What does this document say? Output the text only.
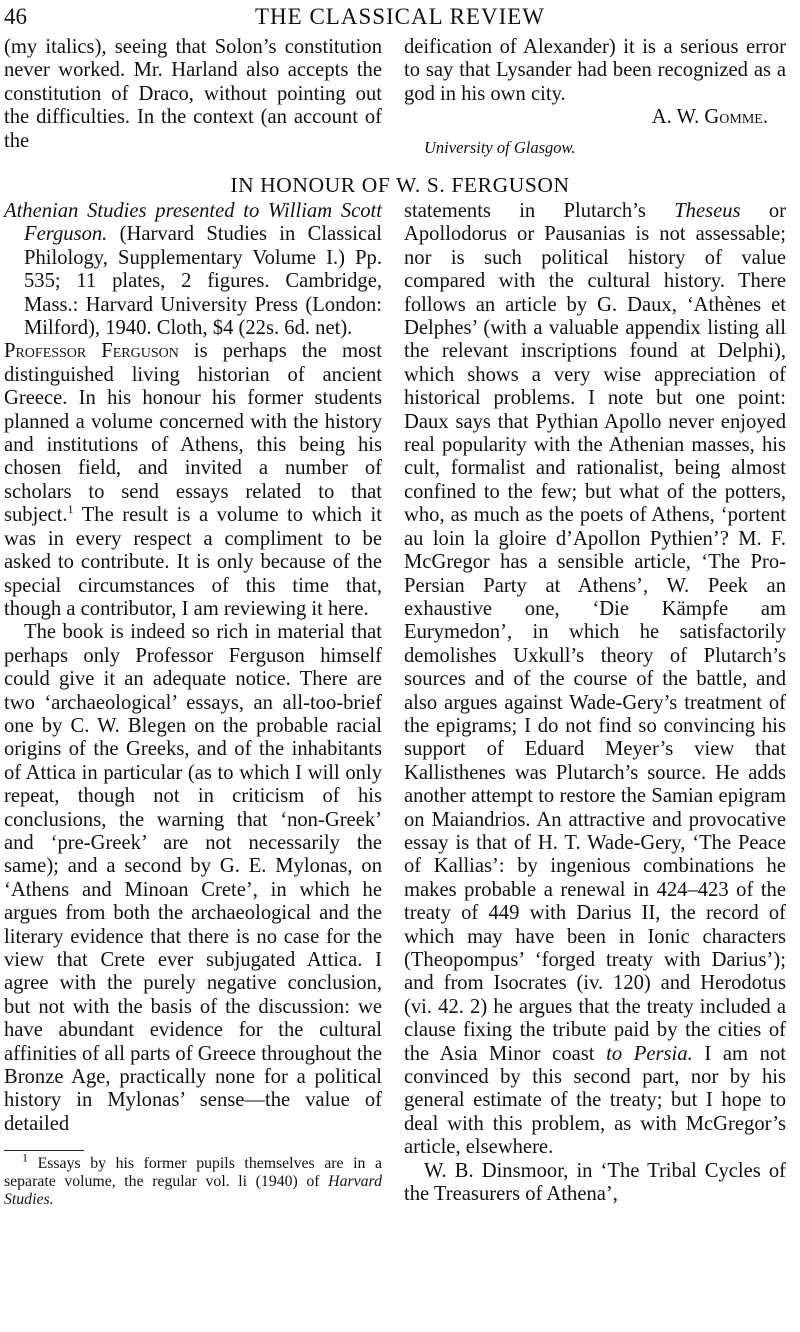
46	THE CLASSICAL REVIEW

(my italics), seeing that Solon’s constitution never worked. Mr. Harland also accepts the constitution of Draco, without pointing out the difficulties. In the context (an account of the

deification of Alexander) it is a serious error to say that Lysander had been recognized as a god in his own city.

A. W. Gomme.

University of Glasgow.

IN HONOUR OF W. S. FERGUSON

Athenian Studies presented to William Scott Ferguson. (Harvard Studies in Classical Philology, Supplementary Volume I.) Pp. 535; 11 plates, 2 figures. Cambridge, Mass.: Harvard University Press (London: Milford), 1940. Cloth, $4 (22s. 6d. net).

Professor Ferguson is perhaps the most distinguished living historian of ancient Greece. In his honour his former students planned a volume concerned with the history and institutions of Athens, this being his chosen field, and invited a number of scholars to send essays related to that subject.$^1$ The result is a volume to which it was in every respect a compliment to be asked to contribute. It is only because of the special circumstances of this time that, though a contributor, I am reviewing it here.

The book is indeed so rich in material that perhaps only Professor Ferguson himself could give it an adequate notice. There are two ‘archaeological’ essays, an all-too-brief one by C. W. Blegen on the probable racial origins of the Greeks, and of the inhabitants of Attica in particular (as to which I will only repeat, though not in criticism of his conclusions, the warning that ‘non-Greek’ and ‘pre-Greek’ are not necessarily the same); and a second by G. E. Mylonas, on ‘Athens and Minoan Crete’, in which he argues from both the archaeological and the literary evidence that there is no case for the view that Crete ever subjugated Attica. I agree with the purely negative conclusion, but not with the basis of the discussion: we have abundant evidence for the cultural affinities of all parts of Greece throughout the Bronze Age, practically none for a political history in Mylonas’ sense—the value of detailed

$^1$ Essays by his former pupils themselves are in a separate volume, the regular vol. li (1940) of Harvard Studies.

statements in Plutarch’s Theseus or Apollodorus or Pausanias is not assessable; nor is such political history of value compared with the cultural history. There follows an article by G. Daux, ‘Athènes et Delphes’ (with a valuable appendix listing all the relevant inscriptions found at Delphi), which shows a very wise appreciation of historical problems. I note but one point: Daux says that Pythian Apollo never enjoyed real popularity with the Athenian masses, his cult, formalist and rationalist, being almost confined to the few; but what of the potters, who, as much as the poets of Athens, ‘portent au loin la gloire d’Apollon Pythien’? M. F. McGregor has a sensible article, ‘The Pro-Persian Party at Athens’, W. Peek an exhaustive one, ‘Die Kämpfe am Eurymedon’, in which he satisfactorily demolishes Uxkull’s theory of Plutarch’s sources and of the course of the battle, and also argues against Wade-Gery’s treatment of the epigrams; I do not find so convincing his support of Eduard Meyer’s view that Kallisthenes was Plutarch’s source. He adds another attempt to restore the Samian epigram on Maiandrios. An attractive and provocative essay is that of H. T. Wade-Gery, ‘The Peace of Kallias’: by ingenious combinations he makes probable a renewal in 424–423 of the treaty of 449 with Darius II, the record of which may have been in Ionic characters (Theopompus’ ‘forged treaty with Darius’); and from Isocrates (iv. 120) and Herodotus (vi. 42. 2) he argues that the treaty included a clause fixing the tribute paid by the cities of the Asia Minor coast to Persia. I am not convinced by this second part, nor by his general estimate of the treaty; but I hope to deal with this problem, as with McGregor’s article, elsewhere.

W. B. Dinsmoor, in ‘The Tribal Cycles of the Treasurers of Athena’,
